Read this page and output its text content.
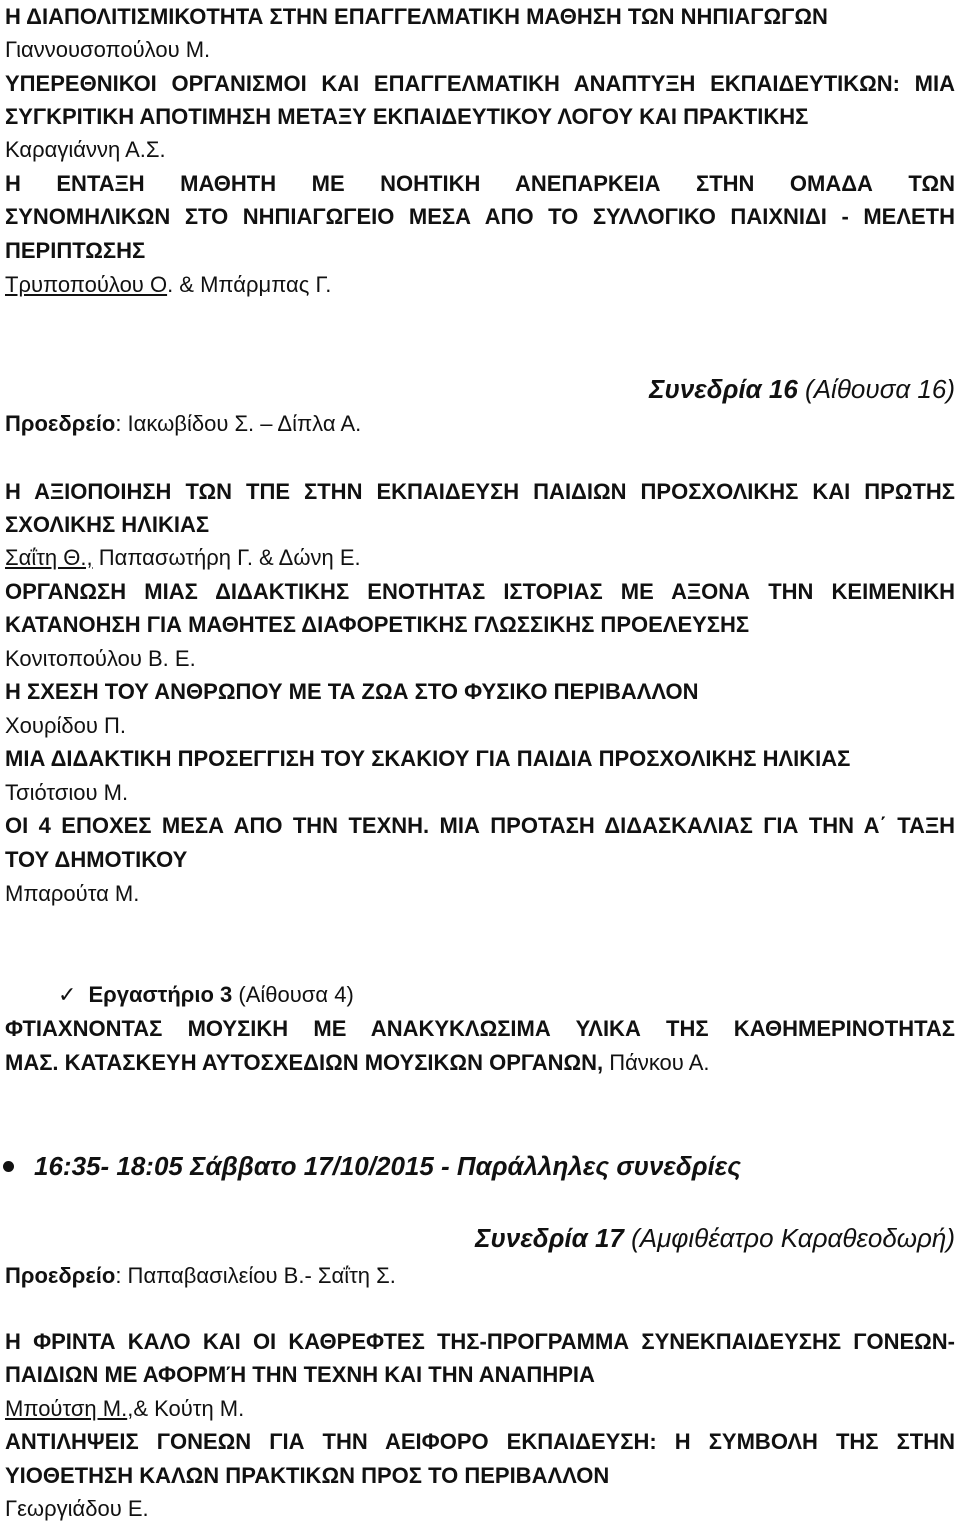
Η ΔΙΑΠΟΛΙΤΙΣΜΙΚΟΤΗΤΑ ΣΤΗΝ ΕΠΑΓΓΕΛΜΑΤΙΚΗ ΜΑΘΗΣΗ ΤΩΝ ΝΗΠΙΑΓΩΓΩΝ
Γιαννουσοπούλου Μ.
ΥΠΕΡΕΘΝΙΚΟΙ ΟΡΓΑΝΙΣΜΟΙ ΚΑΙ ΕΠΑΓΓΕΛΜΑΤΙΚΗ ΑΝΑΠΤΥΞΗ ΕΚΠΑΙΔΕΥΤΙΚΩΝ: ΜΙΑ
ΣΥΓΚΡΙΤΙΚΗ ΑΠΟΤΙΜΗΣΗ ΜΕΤΑΞΥ ΕΚΠΑΙΔΕΥΤΙΚΟΥ ΛΟΓΟΥ ΚΑΙ ΠΡΑΚΤΙΚΗΣ
Καραγιάννη Α.Σ.
Η ΕΝΤΑΞΗ ΜΑΘΗΤΗ ΜΕ ΝΟΗΤΙΚΗ ΑΝΕΠΑΡΚΕΙΑ ΣΤΗΝ ΟΜΑΔΑ ΤΩΝ
ΣΥΝΟΜΗΛΙΚΩΝ ΣΤΟ ΝΗΠΙΑΓΩΓΕΙΟ ΜΕΣΑ ΑΠΟ ΤΟ ΣΥΛΛΟΓΙΚΟ ΠΑΙΧΝΙΔΙ - ΜΕΛΕΤΗ
ΠΕΡΙΠΤΩΣΗΣ
Τρυποπούλου Ο. & Μπάρμπας Γ.
Συνεδρία 16 (Αίθουσα 16)
Προεδρείο: Ιακωβίδου Σ. – Δίπλα Α.
Η ΑΞΙΟΠΟΙΗΣΗ ΤΩΝ ΤΠΕ ΣΤΗΝ ΕΚΠΑΙΔΕΥΣΗ ΠΑΙΔΙΩΝ ΠΡΟΣΧΟΛΙΚΗΣ ΚΑΙ ΠΡΩΤΗΣ
ΣΧΟΛΙΚΗΣ ΗΛΙΚΙΑΣ
Σαΐτη Θ., Παπασωτήρη Γ. & Δώνη Ε.
ΟΡΓΑΝΩΣΗ ΜΙΑΣ ΔΙΔΑΚΤΙΚΗΣ ΕΝΟΤΗΤΑΣ ΙΣΤΟΡΙΑΣ ΜΕ ΑΞΟΝΑ ΤΗΝ ΚΕΙΜΕΝΙΚΗ
ΚΑΤΑΝΟΗΣΗ ΓΙΑ ΜΑΘΗΤΕΣ ΔΙΑΦΟΡΕΤΙΚΗΣ ΓΛΩΣΣΙΚΗΣ ΠΡΟΕΛΕΥΣΗΣ
Κονιτοπούλου Β. Ε.
Η ΣΧΕΣΗ ΤΟΥ ΑΝΘΡΩΠΟΥ ΜΕ ΤΑ ΖΩΑ ΣΤΟ ΦΥΣΙΚΟ ΠΕΡΙΒΑΛΛΟΝ
Χουρίδου Π.
ΜΙΑ ΔΙΔΑΚΤΙΚΗ ΠΡΟΣΕΓΓΙΣΗ ΤΟΥ ΣΚΑΚΙΟΥ ΓΙΑ ΠΑΙΔΙΑ ΠΡΟΣΧΟΛΙΚΗΣ ΗΛΙΚΙΑΣ
Τσιότσιου Μ.
ΟΙ 4 ΕΠΟΧΕΣ ΜΕΣΑ ΑΠΟ ΤΗΝ ΤΕΧΝΗ. ΜΙΑ ΠΡΟΤΑΣΗ ΔΙΔΑΣΚΑΛΙΑΣ ΓΙΑ ΤΗΝ Α΄ ΤΑΞΗ
ΤΟΥ ΔΗΜΟΤΙΚΟΥ
Μπαρούτα Μ.
✓ Εργαστήριο 3 (Αίθουσα 4)
ΦΤΙΑΧΝΟΝΤΑΣ ΜΟΥΣΙΚΗ ΜΕ ΑΝΑΚΥΚΛΩΣΙΜΑ ΥΛΙΚΑ ΤΗΣ ΚΑΘΗΜΕΡΙΝΟΤΗΤΑΣ
ΜΑΣ. ΚΑΤΑΣΚΕΥΗ ΑΥΤΟΣΧΕΔΙΩΝ ΜΟΥΣΙΚΩΝ ΟΡΓΑΝΩΝ, Πάνκου Α.
16:35- 18:05 Σάββατο 17/10/2015 - Παράλληλες συνεδρίες
Συνεδρία 17 (Αμφιθέατρο Καραθεοδωρή)
Προεδρείο: Παπαβασιλείου Β.- Σαΐτη Σ.
Η ΦΡΙΝΤΑ ΚΑΛΟ ΚΑΙ ΟΙ ΚΑΘΡΕΦΤΕΣ ΤΗΣ-ΠΡΟΓΡΑΜΜΑ ΣΥΝΕΚΠΑΙΔΕΥΣΗΣ ΓΟΝΕΩΝ-
ΠΑΙΔΙΩΝ ΜΕ ΑΦΟΡΜΉ ΤΗΝ ΤΕΧΝΗ ΚΑΙ ΤΗΝ ΑΝΑΠΗΡΙΑ
Μπούτση Μ.,& Κούτη Μ.
ΑΝΤΙΛΗΨΕΙΣ ΓΟΝΕΩΝ ΓΙΑ ΤΗΝ ΑΕΙΦΟΡΟ ΕΚΠΑΙΔΕΥΣΗ: Η ΣΥΜΒΟΛΗ ΤΗΣ ΣΤΗΝ
ΥΙΟΘΕΤΗΣΗ ΚΑΛΩΝ ΠΡΑΚΤΙΚΩΝ ΠΡΟΣ ΤΟ ΠΕΡΙΒΑΛΛΟΝ
Γεωργιάδου Ε.
